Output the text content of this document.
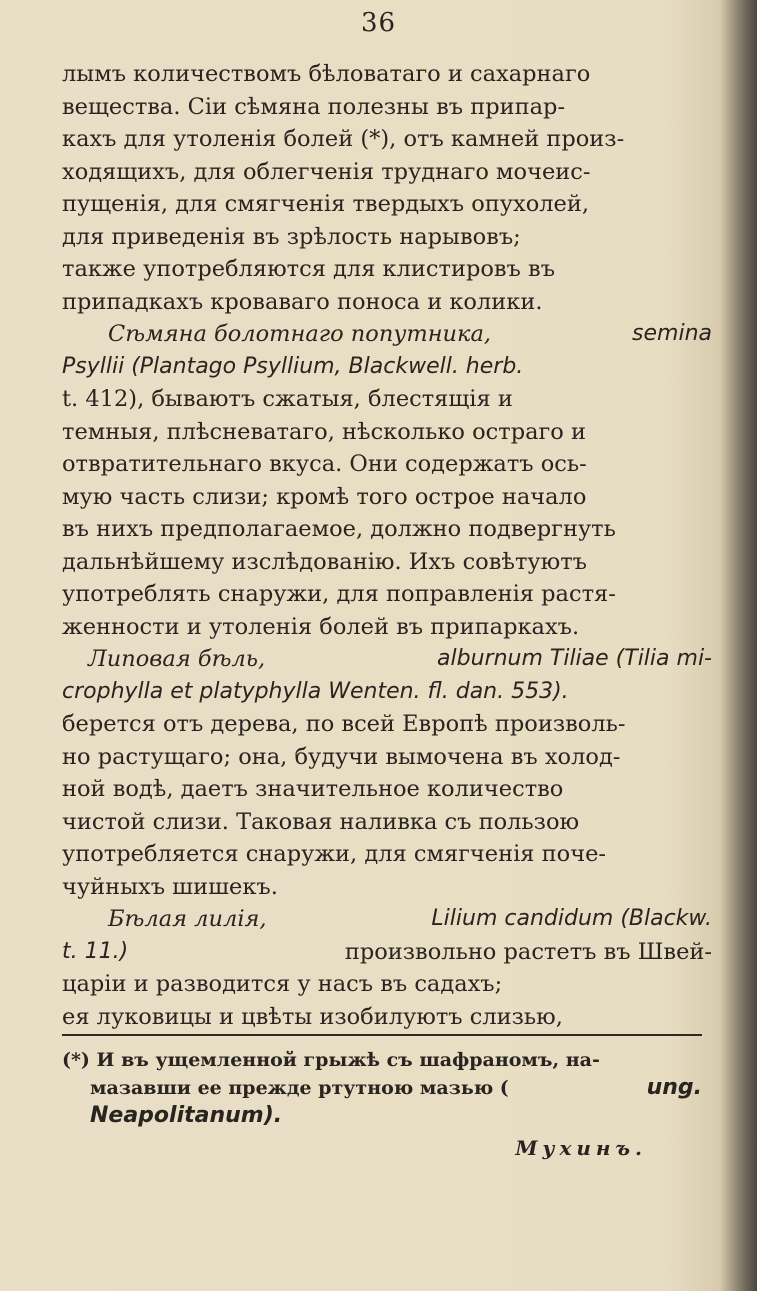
36
лымъ количествомъ бѣловатаго и сахарнаго
вещества. Сіи сѣмяна полезны въ припар-
кахъ для утоленія болей (*), отъ камней произ-
ходящихъ, для облегченія труднаго мочеис-
пущенія, для смягченія твердыхъ опухолей,
для приведенія въ зрѣлость нарывовъ;
также употребляются для клистировъ въ
припадкахъ кроваваго поноса и колики.
Сѣмяна болотнаго попутника,	semina
Psyllii (Plantago Psyllium, Blackwell. herb.
t. 412), бываютъ сжатыя, блестящія и
темныя, плѣсневатаго, нѣсколько остраго и
отвратительнаго вкуса. Они содержатъ ось-
мую часть слизи; кромѣ того острое начало
въ нихъ предполагаемое, должно подвергнуть
дальнѣйшему изслѣдованію. Ихъ совѣтуютъ
употреблять снаружи, для поправленія растя-
женности и утоленія болей въ припаркахъ.
Липовая бѣль,	alburnum Tiliae (Tilia mi-
crophylla et platyphylla Wenten. fl. dan. 553).
берется отъ дерева, по всей Европѣ произволь-
но растущаго; она, будучи вымочена въ холод-
ной водѣ, даетъ значительное количество
чистой слизи. Таковая наливка съ пользою
употребляется снаружи, для смягченія поче-
чуйныхъ шишекъ.
Бѣлая лилія,	Lilium candidum (Blackw.
t. 11.)	произвольно растетъ въ Швей-
царіи и разводится у насъ въ садахъ;
ея луковицы и цвѣты изобилуютъ слизью,
(*) И въ ущемленной грыжѣ съ шафраномъ, на-
мазавши ее прежде ртутною мазью (	ung.
Neapolitanum).
Мухинъ.
